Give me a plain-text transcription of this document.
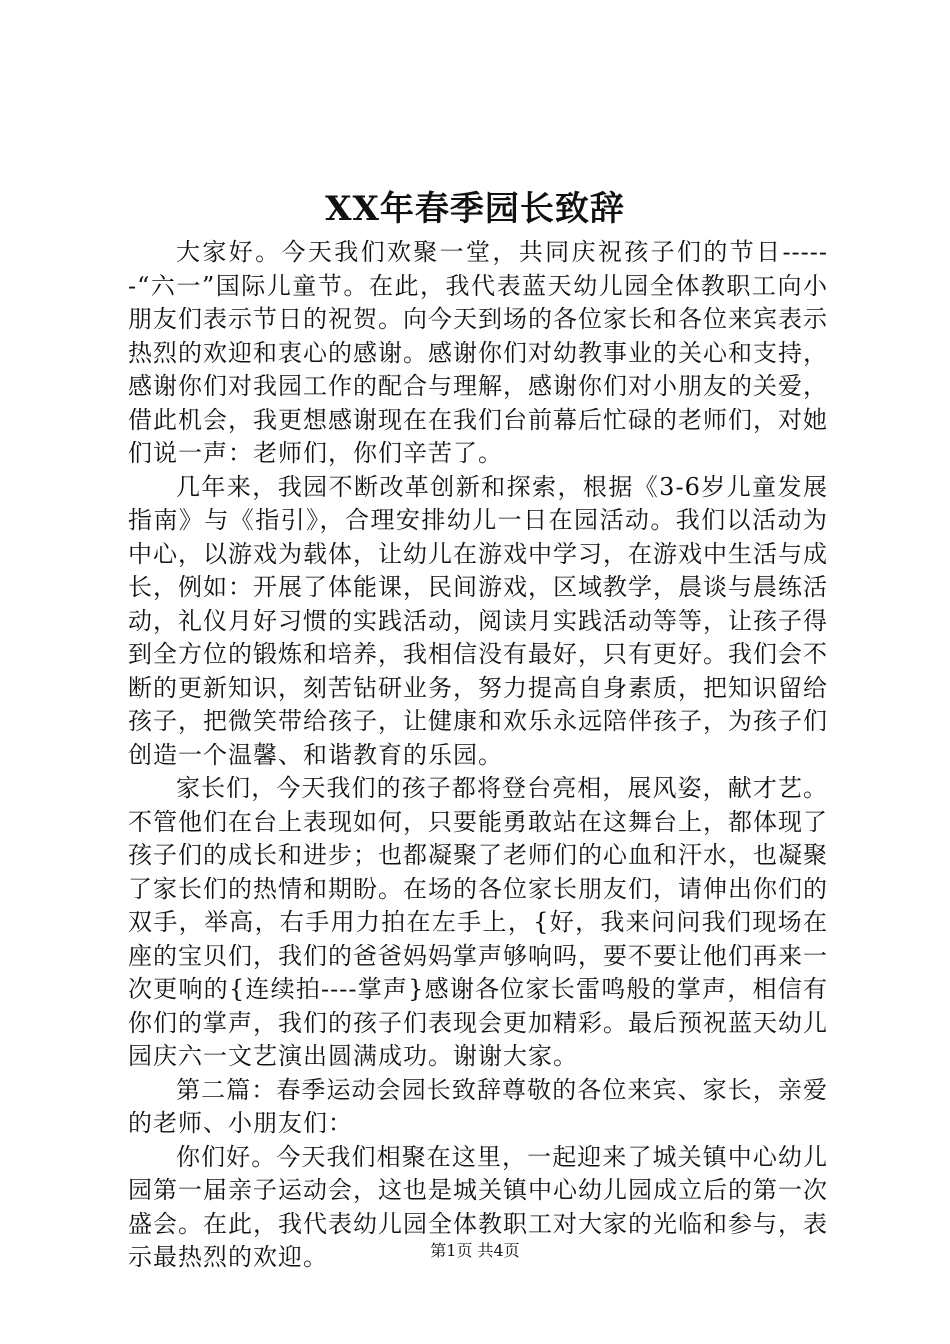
XX年春季园长致辞

大家好。今天我们欢聚一堂，共同庆祝孩子们的节日------“六一”国际儿童节。在此，我代表蓝天幼儿园全体教职工向小朋友们表示节日的祝贺。向今天到场的各位家长和各位来宾表示热烈的欢迎和衷心的感谢。感谢你们对幼教事业的关心和支持，感谢你们对我园工作的配合与理解，感谢你们对小朋友的关爱，借此机会，我更想感谢现在在我们台前幕后忙碌的老师们，对她们说一声：老师们，你们辛苦了。

几年来，我园不断改革创新和探索，根据《3-6岁儿童发展指南》与《指引》，合理安排幼儿一日在园活动。我们以活动为中心，以游戏为载体，让幼儿在游戏中学习，在游戏中生活与成长，例如：开展了体能课，民间游戏，区域教学，晨谈与晨练活动，礼仪月好习惯的实践活动，阅读月实践活动等等，让孩子得到全方位的锻炼和培养，我相信没有最好，只有更好。我们会不断的更新知识，刻苦钻研业务，努力提高自身素质，把知识留给孩子，把微笑带给孩子，让健康和欢乐永远陪伴孩子，为孩子们创造一个温馨、和谐教育的乐园。

家长们，今天我们的孩子都将登台亮相，展风姿，献才艺。不管他们在台上表现如何，只要能勇敢站在这舞台上，都体现了孩子们的成长和进步；也都凝聚了老师们的心血和汗水，也凝聚了家长们的热情和期盼。在场的各位家长朋友们，请伸出你们的双手，举高，右手用力拍在左手上，{好，我来问问我们现场在座的宝贝们，我们的爸爸妈妈掌声够响吗，要不要让他们再来一次更响的{连续拍----掌声}感谢各位家长雷鸣般的掌声，相信有你们的掌声，我们的孩子们表现会更加精彩。最后预祝蓝天幼儿园庆六一文艺演出圆满成功。谢谢大家。

第二篇：春季运动会园长致辞尊敬的各位来宾、家长，亲爱的老师、小朋友们：

你们好。今天我们相聚在这里，一起迎来了城关镇中心幼儿园第一届亲子运动会，这也是城关镇中心幼儿园成立后的第一次盛会。在此，我代表幼儿园全体教职工对大家的光临和参与，表示最热烈的欢迎。	第1页 共4页
